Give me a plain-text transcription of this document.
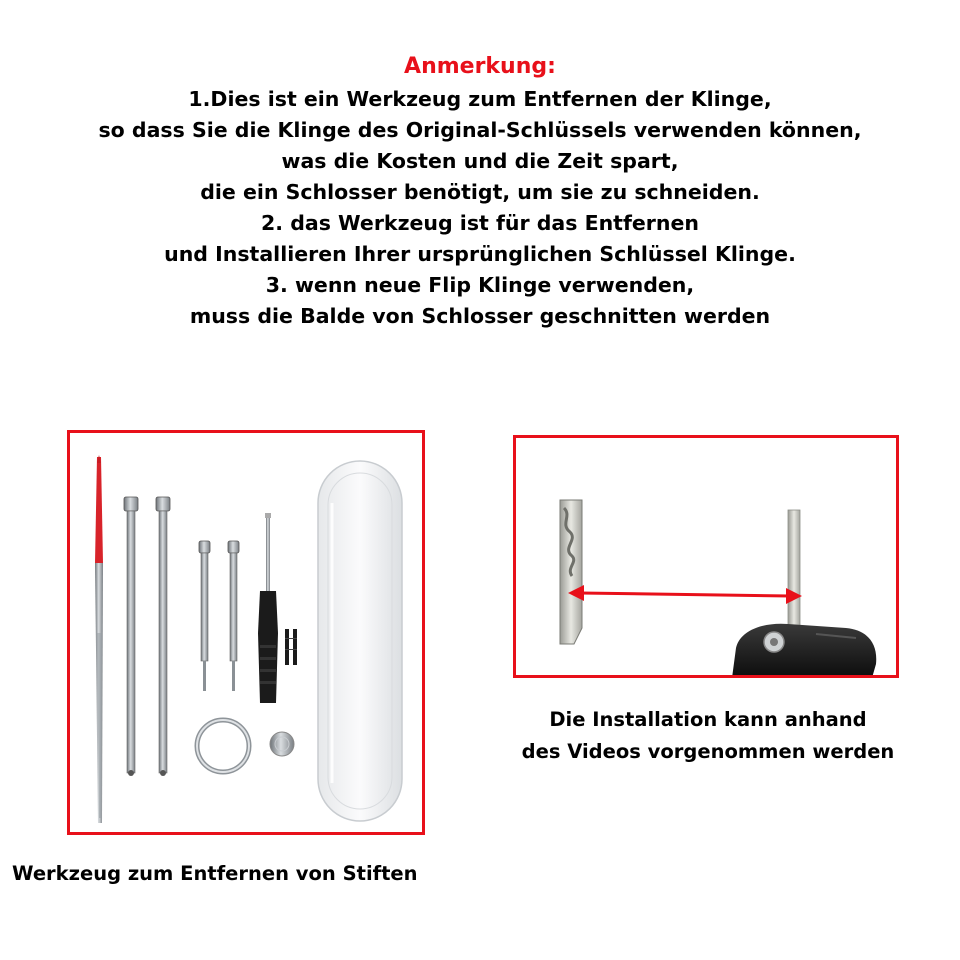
Anmerkung:
1.Dies ist ein Werkzeug zum Entfernen der Klinge,
so dass Sie die Klinge des Original-Schlüssels verwenden können,
was die Kosten und die Zeit spart,
die ein Schlosser benötigt, um sie zu schneiden.
2. das Werkzeug ist für das Entfernen
und Installieren Ihrer ursprünglichen Schlüssel Klinge.
3. wenn neue Flip Klinge verwenden,
muss die Balde von Schlosser geschnitten werden
Die Installation kann anhand
des Videos vorgenommen werden
Werkzeug zum Entfernen von Stiften
